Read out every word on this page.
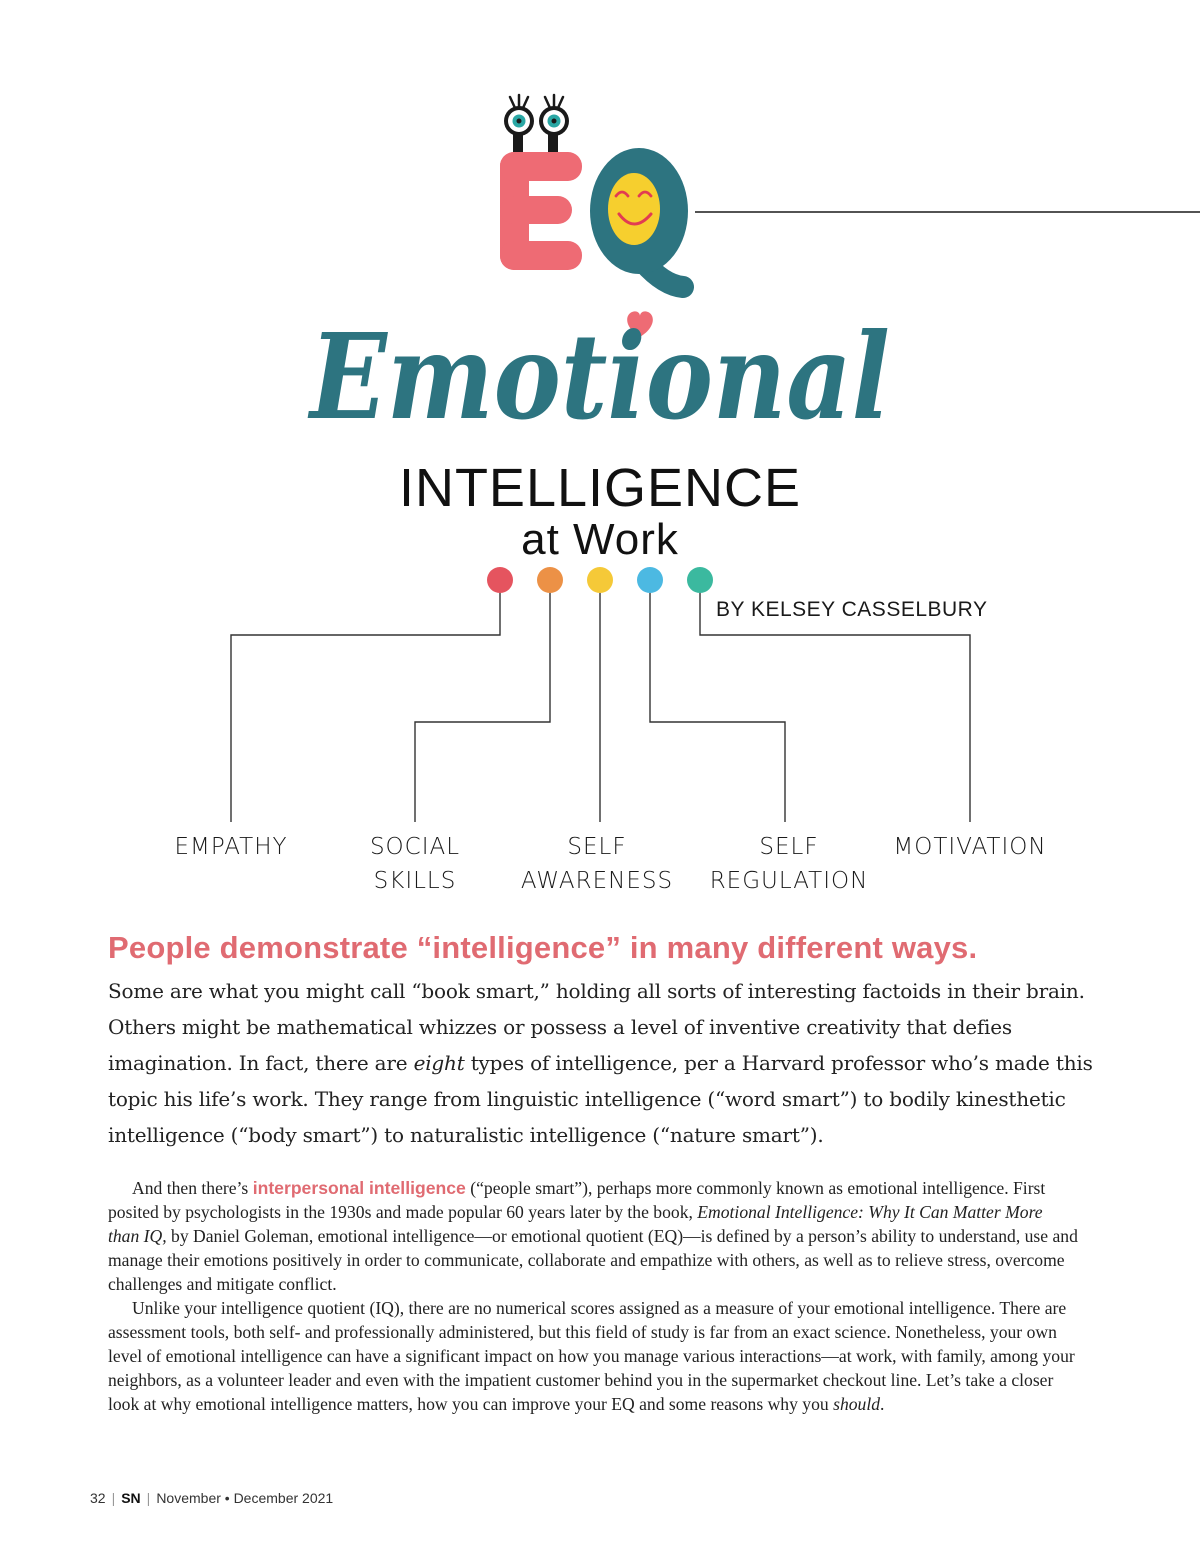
Emotional
INTELLIGENCE
at Work
BY KELSEY CASSELBURY
EMPATHY	SOCIAL
SKILLS
SELF
AWARENESS
SELF
REGULATION
MOTIVATION
People demonstrate “intelligence” in many different ways.
Some are what you might call “book smart,” holding all sorts of interesting factoids in their brain. Others might be mathematical whizzes or possess a level of inventive creativity that defies imagination. In fact, there are eight types of intelligence, per a Harvard professor who’s made this topic his life’s work. They range from linguistic intelligence (“word smart”) to bodily kinesthetic intelligence (“body smart”) to naturalistic intelligence (“nature smart”).

And then there’s interpersonal intelligence (“people smart”), perhaps more commonly known as emotional intelligence. First posited by psychologists in the 1930s and made popular 60 years later by the book, Emotional Intelligence: Why It Can Matter More than IQ, by Daniel Goleman, emotional intelligence—or emotional quotient (EQ)—is defined by a person’s ability to understand, use and manage their emotions positively in order to communicate, collaborate and empathize with others, as well as to relieve stress, overcome challenges and mitigate conflict.

Unlike your intelligence quotient (IQ), there are no numerical scores assigned as a measure of your emotional intelligence. There are assessment tools, both self- and professionally administered, but this field of study is far from an exact science. Nonetheless, your own level of emotional intelligence can have a significant impact on how you manage various interactions—at work, with family, among your neighbors, as a volunteer leader and even with the impatient customer behind you in the supermarket checkout line. Let’s take a closer look at why emotional intelligence matters, how you can improve your EQ and some reasons why you should.

32 | SN | November • December 2021
